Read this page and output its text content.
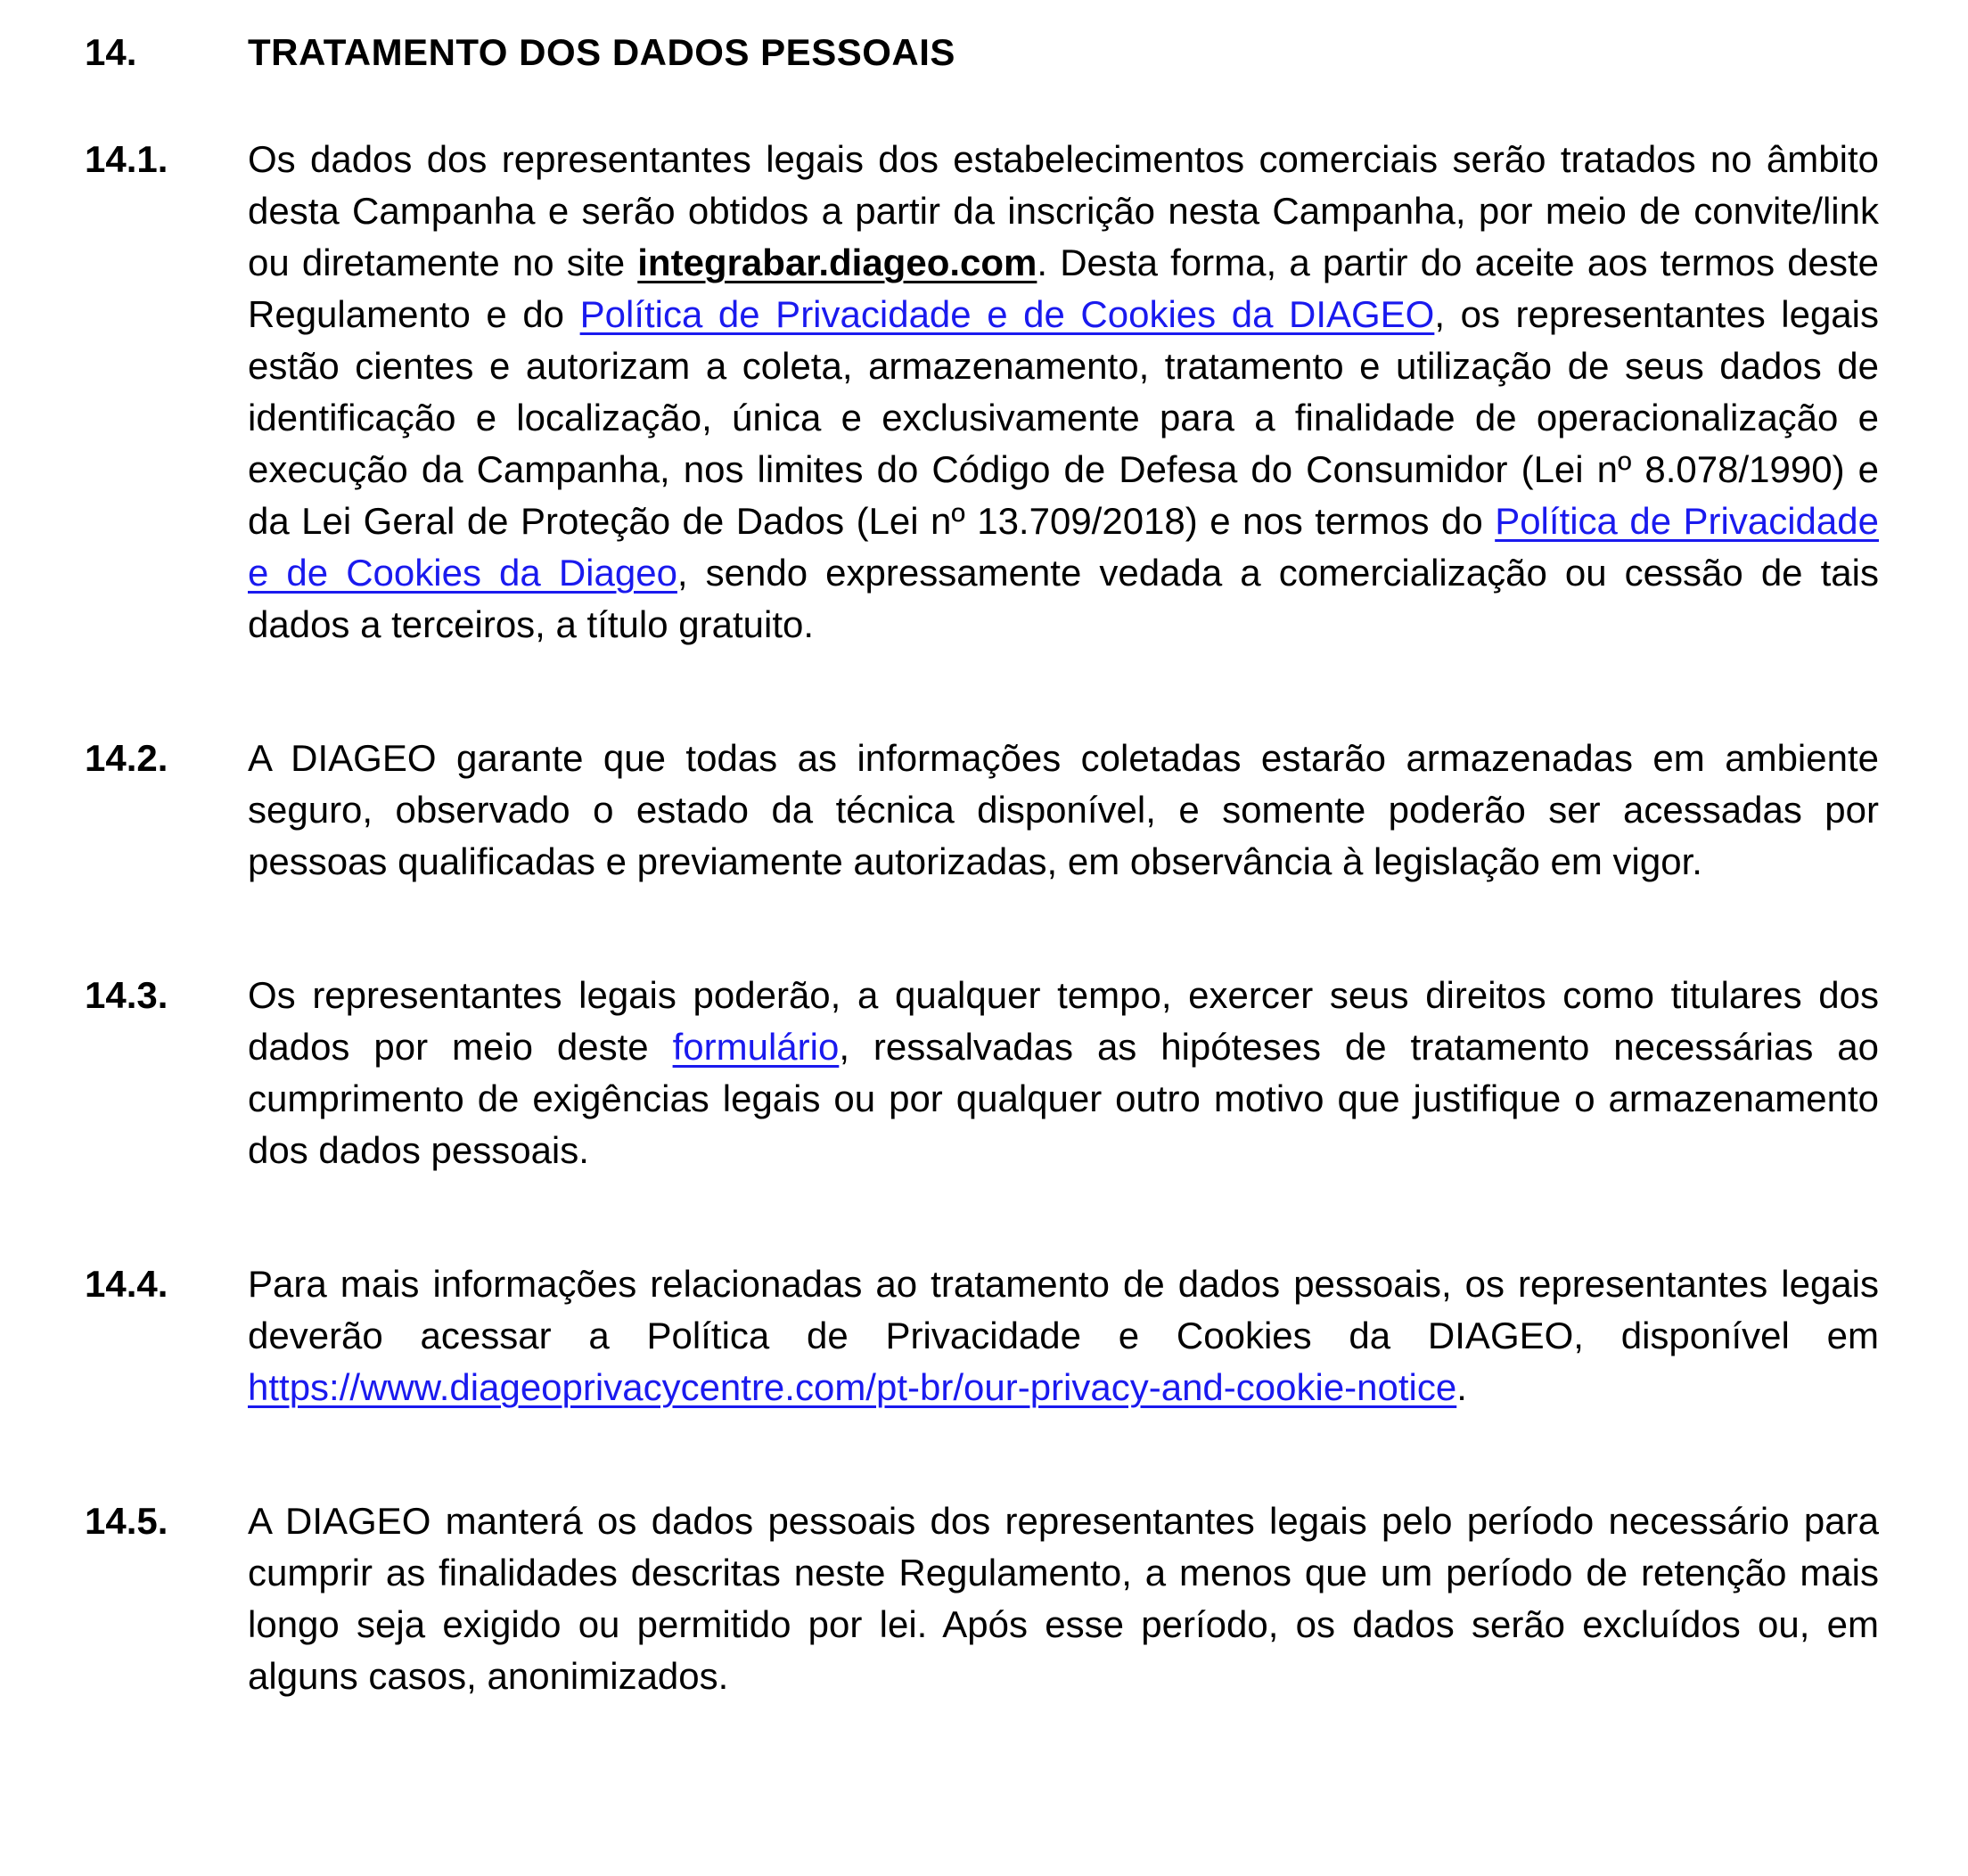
14.	TRATAMENTO DOS DADOS PESSOAIS
14.1.	Os dados dos representantes legais dos estabelecimentos comerciais serão tratados no âmbito desta Campanha e serão obtidos a partir da inscrição nesta Campanha, por meio de convite/link ou diretamente no site integrabar.diageo.com. Desta forma, a partir do aceite aos termos deste Regulamento e do Política de Privacidade e de Cookies da DIAGEO, os representantes legais estão cientes e autorizam a coleta, armazenamento, tratamento e utilização de seus dados de identificação e localização, única e exclusivamente para a finalidade de operacionalização e execução da Campanha, nos limites do Código de Defesa do Consumidor (Lei nº 8.078/1990) e da Lei Geral de Proteção de Dados (Lei nº 13.709/2018) e nos termos do Política de Privacidade e de Cookies da Diageo, sendo expressamente vedada a comercialização ou cessão de tais dados a terceiros, a título gratuito.

14.2.	A DIAGEO garante que todas as informações coletadas estarão armazenadas em ambiente seguro, observado o estado da técnica disponível, e somente poderão ser acessadas por pessoas qualificadas e previamente autorizadas, em observância à legislação em vigor.

14.3.	Os representantes legais poderão, a qualquer tempo, exercer seus direitos como titulares dos dados por meio deste formulário, ressalvadas as hipóteses de tratamento necessárias ao cumprimento de exigências legais ou por qualquer outro motivo que justifique o armazenamento dos dados pessoais.

14.4.	Para mais informações relacionadas ao tratamento de dados pessoais, os representantes legais deverão acessar a Política de Privacidade e Cookies da DIAGEO, disponível em https://www.diageoprivacycentre.com/pt-br/our-privacy-and-cookie-notice.

14.5.	A DIAGEO manterá os dados pessoais dos representantes legais pelo período necessário para cumprir as finalidades descritas neste Regulamento, a menos que um período de retenção mais longo seja exigido ou permitido por lei. Após esse período, os dados serão excluídos ou, em alguns casos, anonimizados.
